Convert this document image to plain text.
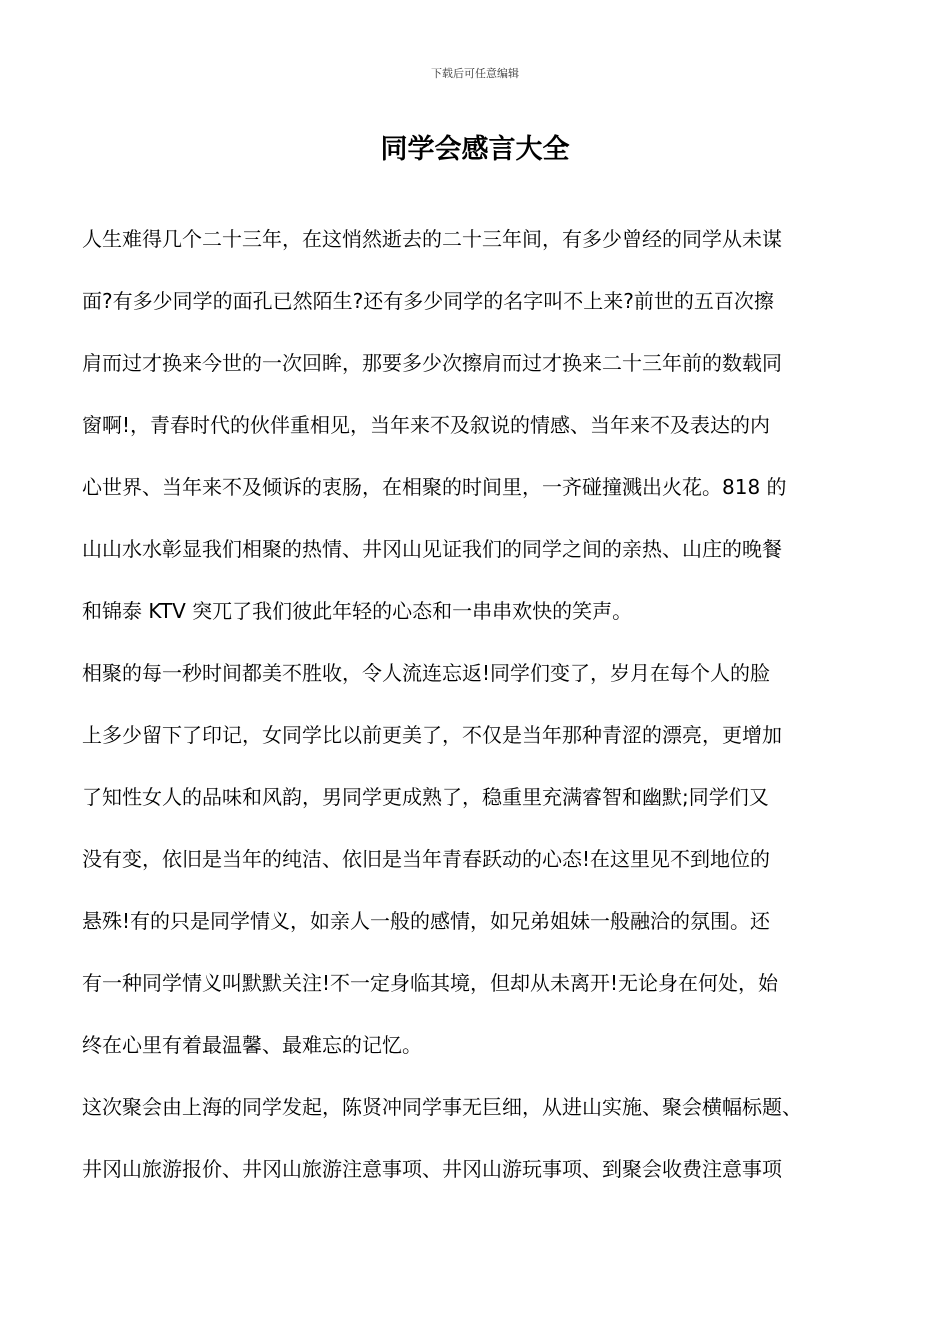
下载后可任意编辑
同学会感言大全

人生难得几个二十三年，在这悄然逝去的二十三年间，有多少曾经的同学从未谋

面?有多少同学的面孔已然陌生?还有多少同学的名字叫不上来?前世的五百次擦

肩而过才换来今世的一次回眸，那要多少次擦肩而过才换来二十三年前的数载同

窗啊!，青春时代的伙伴重相见，当年来不及叙说的情感、当年来不及表达的内

心世界、当年来不及倾诉的衷肠，在相聚的时间里，一齐碰撞溅出火花。818 的

山山水水彰显我们相聚的热情、井冈山见证我们的同学之间的亲热、山庄的晚餐

和锦泰 KTV 突兀了我们彼此年轻的心态和一串串欢快的笑声。

相聚的每一秒时间都美不胜收，令人流连忘返!同学们变了，岁月在每个人的脸

上多少留下了印记，女同学比以前更美了，不仅是当年那种青涩的漂亮，更增加

了知性女人的品味和风韵，男同学更成熟了，稳重里充满睿智和幽默;同学们又

没有变，依旧是当年的纯洁、依旧是当年青春跃动的心态!在这里见不到地位的

悬殊!有的只是同学情义，如亲人一般的感情，如兄弟姐妹一般融洽的氛围。还

有一种同学情义叫默默关注!不一定身临其境，但却从未离开!无论身在何处，始

终在心里有着最温馨、最难忘的记忆。

这次聚会由上海的同学发起，陈贤冲同学事无巨细，从进山实施、聚会横幅标题、

井冈山旅游报价、井冈山旅游注意事项、井冈山游玩事项、到聚会收费注意事项
